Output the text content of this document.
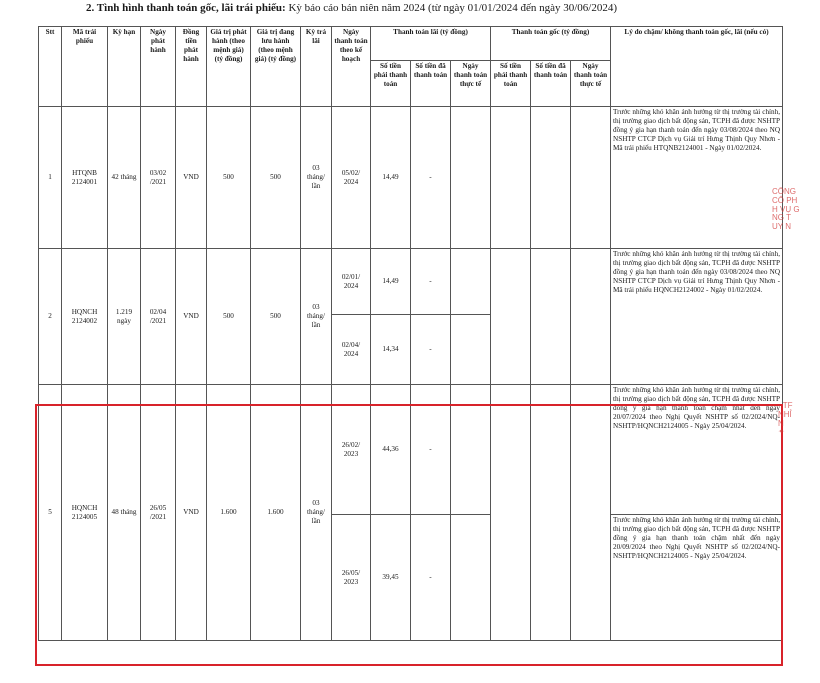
2. Tình hình thanh toán gốc, lãi trái phiếu: Kỳ báo cáo bán niên năm 2024 (từ ngày 01/01/2024 đến ngày 30/06/2024)
Stt	Mã trái phiếu	Kỳ hạn	Ngày phát hành	Đồng tiền phát hành	Giá trị phát hành (theo mệnh giá) (tỷ đồng)	Giá trị đang lưu hành (theo mệnh giá) (tỷ đồng)	Kỳ trả lãi	Ngày thanh toán theo kế hoạch	Thanh toán lãi (tỷ đồng)			Thanh toán gốc (tỷ đồng)			Lý do chậm/ không thanh toán gốc, lãi (nếu có)
									Số tiền phải thanh toán	Số tiền đã thanh toán	Ngày thanh toán thực tế	Số tiền phải thanh toán	Số tiền đã thanh toán	Ngày thanh toán thực tế	
1	HTQNB 2124001	42 tháng	03/02 /2021	VND	500	500	03 tháng/ lần	05/02/ 2024	14,49	-					Trước những khó khăn ảnh hưởng từ thị trường tài chính, thị trường giao dịch bất động sản, TCPH đã được NSHTP đồng ý gia hạn thanh toán đến ngày 03/08/2024 theo NQ NSHTP CTCP Dịch vụ Giải trí Hưng Thịnh Quy Nhơn - Mã trái phiếu HTQNB2124001 - Ngày 01/02/2024.
2	HQNCH 2124002	1.219 ngày	02/04 /2021	VND	500	500	03 tháng/ lần	02/01/ 2024	14,49	-					Trước những khó khăn ảnh hưởng từ thị trường tài chính, thị trường giao dịch bất động sản, TCPH đã được NSHTP đồng ý gia hạn thanh toán đến ngày 03/08/2024 theo NQ NSHTP CTCP Dịch vụ Giải trí Hưng Thịnh Quy Nhơn - Mã trái phiếu HQNCH2124002 - Ngày 01/02/2024.
								02/04/ 2024	14,34	-					
5	HQNCH 2124005	48 tháng	26/05 /2021	VND	1.600	1.600	03 tháng/ lần	26/02/ 2023	44,36	-					Trước những khó khăn ảnh hưởng từ thị trường tài chính, thị trường giao dịch bất động sản, TCPH đã được NSHTP đồng ý gia hạn thanh toán chậm nhất đến ngày 20/07/2024 theo Nghị Quyết NSHTP số 02/2024/NQ-NSHTP/HQNCH2124005 - Ngày 25/04/2024.
								26/05/ 2023	39,45	-					Trước những khó khăn ảnh hưởng từ thị trường tài chính, thị trường giao dịch bất động sản, TCPH đã được NSHTP đồng ý gia hạn thanh toán chậm nhất đến ngày 20/09/2024 theo Nghị Quyết NSHTP số 02/2024/NQ-NSHTP/HQNCH2124005 - Ngày 25/04/2024.
CÔNG
CỔ PH
H VỤ G
NG T
UY N
· TF
NHỈ
N
✦
